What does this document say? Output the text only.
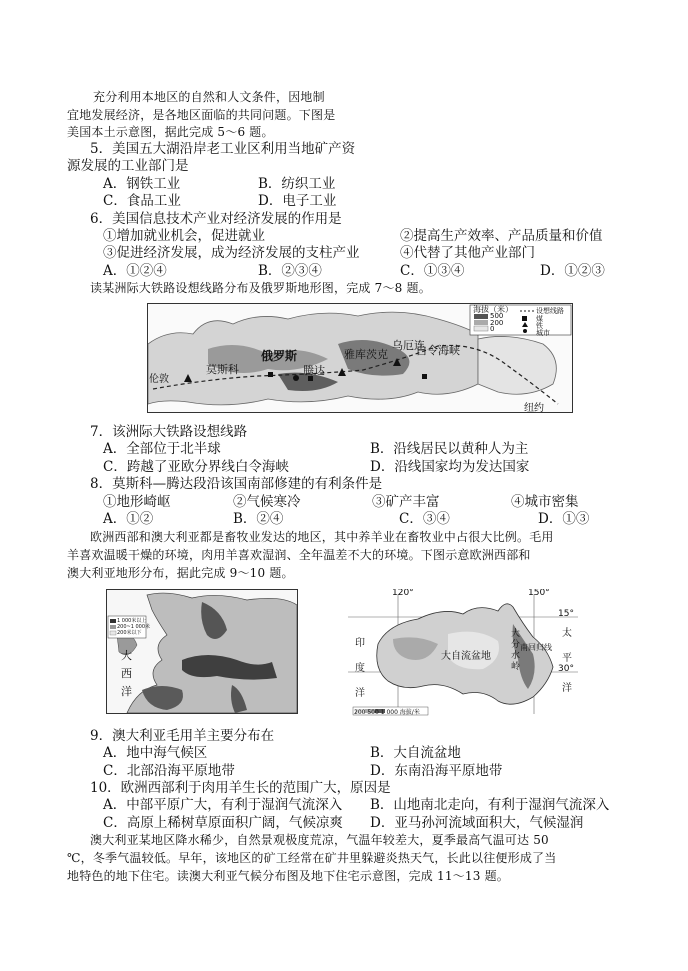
充分利用本地区的自然和人文条件，因地制
宜地发展经济，是各地区面临的共同问题。下图是
美国本土示意图，据此完成 5～6 题。
5．美国五大湖沿岸老工业区利用当地矿产资
源发展的工业部门是
A．钢铁工业	B．纺织工业
C．食品工业	D．电子工业
6．美国信息技术产业对经济发展的作用是
①增加就业机会，促进就业	②提高生产效率、产品质量和价值
③促进经济发展，成为经济发展的支柱产业	④代替了其他产业部门
A．①②④	B．②③④	C．①③④	D．①②③
读某洲际大铁路设想线路分布及俄罗斯地形图，完成 7～8 题。
海拔（米）
500
200
0
设想线路
煤
铁
城市
俄罗斯	雅库茨克
乌厄连
白令海峡
莫斯科	腾达
伦敦
纽约
7．该洲际大铁路设想线路
A．全部位于北半球	B．沿线居民以黄种人为主
C．跨越了亚欧分界线白令海峡	D．沿线国家均为发达国家
8．莫斯科—腾达段沿该国南部修建的有利条件是
①地形崎岖	②气候寒冷	③矿产丰富	④城市密集
A．①②	B．②④	C．③④	D．①③
欧洲西部和澳大利亚都是畜牧业发达的地区，其中养羊业在畜牧业中占很大比例。毛用
羊喜欢温暖干燥的环境，肉用羊喜欢湿润、全年温差不大的环境。下图示意欧洲西部和
澳大利亚地形分布，据此完成 9～10 题。
1 000米以上
200~1 000米
200米以下
大
西
洋
120°	150°
15°
30°
印
度
洋
太
平
洋
大自流盆地
大分水岭
南回归线
200 500 1 000 海拔/米
9．澳大利亚毛用羊主要分布在
A．地中海气候区	B．大自流盆地
C．北部沿海平原地带	D．东南沿海平原地带
10．欧洲西部利于肉用羊生长的范围广大，原因是
A．中部平原广大，有利于湿润气流深入 B．山地南北走向，有利于湿润气流深入
C．高原上稀树草原面积广阔，气候凉爽 D．亚马孙河流域面积大，气候湿润
澳大利亚某地区降水稀少，自然景观极度荒凉，气温年较差大，夏季最高气温可达 50
℃，冬季气温较低。早年，该地区的矿工经常在矿井里躲避炎热天气，长此以往便形成了当
地特色的地下住宅。读澳大利亚气候分布图及地下住宅示意图，完成 11～13 题。
